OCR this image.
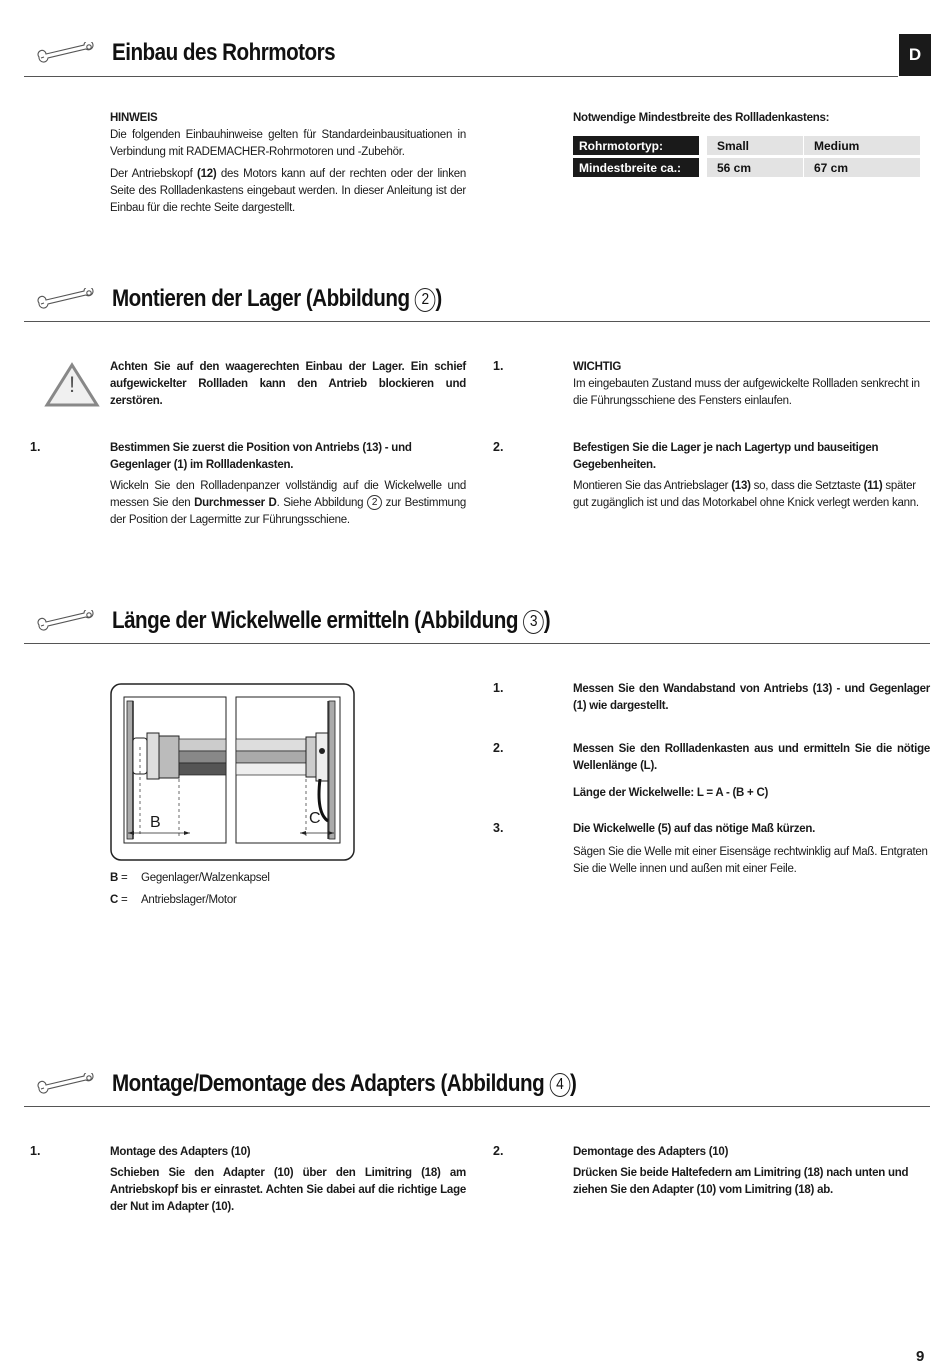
Einbau des Rohrmotors	D
HINWEIS
Die folgenden Einbauhinweise gelten für Standardeinbausituationen in Verbindung mit RADEMACHER-Rohrmotoren und -Zubehör.
Der Antriebskopf (12) des Motors kann auf der rechten oder der linken Seite des Rollladenkastens eingebaut werden. In dieser Anleitung ist der Einbau für die rechte Seite dargestellt.
Notwendige Mindestbreite des Rollladenkastens:
Rohrmotortyp:		Small		Medium
Mindestbreite ca.:		56 cm		67 cm
Montieren der Lager (Abbildung 2 )
!
Achten Sie auf den waagerechten Einbau der Lager. Ein schief aufgewickelter Rollladen kann den Antrieb blockieren und zerstören.
1.	WICHTIG
Im eingebauten Zustand muss der aufgewickelte Rollladen senkrecht in die Führungsschiene des Fensters einlaufen.
1.	Bestimmen Sie zuerst die Position von Antriebs (13) - und Gegenlager (1) im Rollladenkasten.
Wickeln Sie den Rollladenpanzer vollständig auf die Wickelwelle und messen Sie den Durchmesser D. Siehe Abbildung 2 zur Bestimmung der Position der Lagermitte zur Führungsschiene.
2.	Befestigen Sie die Lager je nach Lagertyp und bauseitigen Gegebenheiten.
Montieren Sie das Antriebslager (13) so, dass die Setztaste (11) später gut zugänglich ist und das Motorkabel ohne Knick verlegt werden kann.
Länge der Wickelwelle ermitteln (Abbildung 3 )
B	C
B = Gegenlager/Walzenkapsel
C = Antriebslager/Motor
1.	Messen Sie den Wandabstand von Antriebs (13) - und Gegenlager (1) wie dargestellt.
2.	Messen Sie den Rollladenkasten aus und ermitteln Sie die nötige Wellenlänge (L).
Länge der Wickelwelle: L = A - (B + C)
3.	Die Wickelwelle (5) auf das nötige Maß kürzen.
Sägen Sie die Welle mit einer Eisensäge rechtwinklig auf Maß. Entgraten Sie die Welle innen und außen mit einer Feile.
Montage/Demontage des Adapters (Abbildung 4 )
1.	Montage des Adapters (10)
Schieben Sie den Adapter (10) über den Limitring (18) am Antriebskopf bis er einrastet. Achten Sie dabei auf die richtige Lage der Nut im Adapter (10).
2.	Demontage des Adapters (10)
Drücken Sie beide Haltefedern am Limitring (18) nach unten und ziehen Sie den Adapter (10) vom Limitring (18) ab.
9
